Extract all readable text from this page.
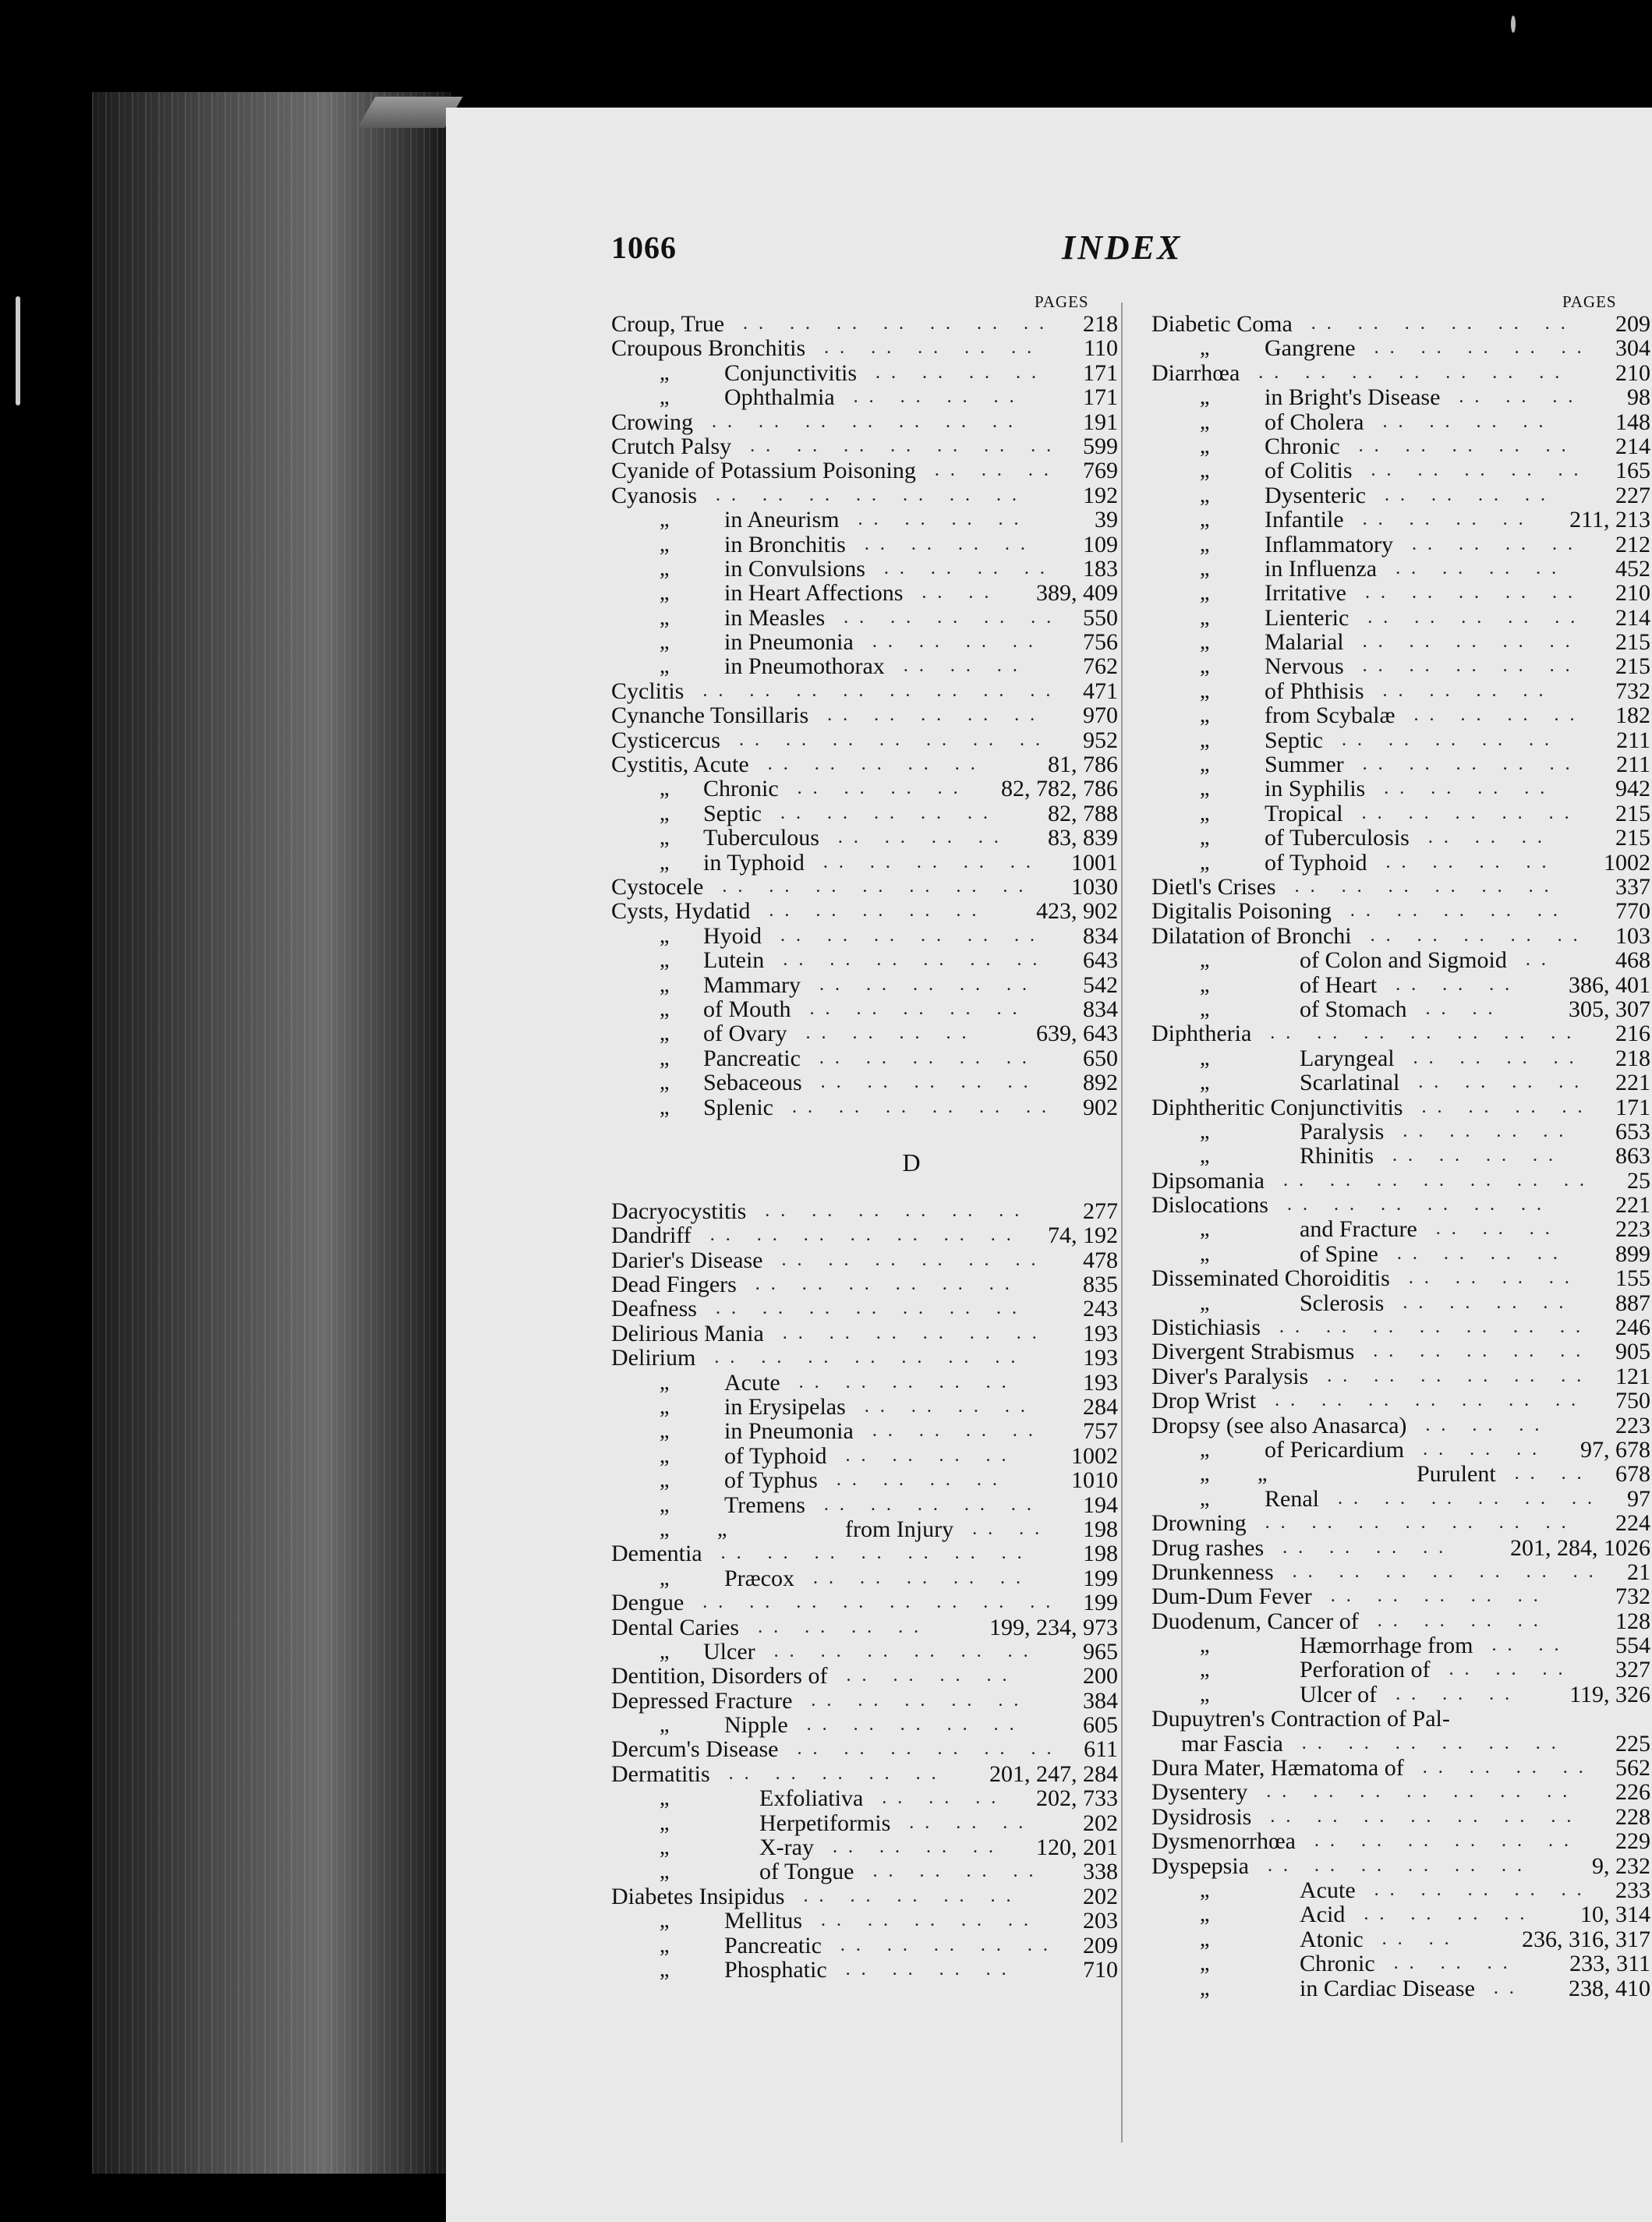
1066	INDEX
PAGES	PAGES
Croup, True	218
.. .. .. .. .. .. ..
Croupous Bronchitis	110
.. .. .. .. ..
„ Conjunctivitis	171
.. .. .. ..
„ Ophthalmia	171
.. .. .. ..
Crowing	191
.. .. .. .. .. .. ..
Crutch Palsy	599
.. .. .. .. .. .. ..
Cyanide of Potassium Poisoning	769
.. .. ..
Cyanosis	192
.. .. .. .. .. .. ..
„ in Aneurism	39
.. .. .. ..
„ in Bronchitis	109
.. .. .. ..
„ in Convulsions	183
.. .. .. ..
„ in Heart Affections	389, 409
.. ..
„ in Measles	550
.. .. .. .. ..
„ in Pneumonia	756
.. .. .. ..
„ in Pneumothorax	762
.. .. ..
Cyclitis	471
.. .. .. .. .. .. .. ..
Cynanche Tonsillaris	970
.. .. .. .. ..
Cysticercus	952
.. .. .. .. .. .. ..
Cystitis, Acute	81, 786
.. .. .. .. ..
„ Chronic	82, 782, 786
.. .. .. ..
„ Septic	82, 788
.. .. .. .. ..
„ Tuberculous	83, 839
.. .. .. ..
„ in Typhoid	1001
.. .. .. .. ..
Cystocele	1030
.. .. .. .. .. .. ..
Cysts, Hydatid	423, 902
.. .. .. .. ..
„ Hyoid	834
.. .. .. .. .. ..
„ Lutein	643
.. .. .. .. .. ..
„ Mammary	542
.. .. .. .. ..
„ of Mouth	834
.. .. .. .. ..
„ of Ovary	639, 643
.. .. .. ..
„ Pancreatic	650
.. .. .. .. ..
„ Sebaceous	892
.. .. .. .. ..
„ Splenic	902
.. .. .. .. .. ..
D
Dacryocystitis	277
.. .. .. .. .. ..
Dandriff	74, 192
.. .. .. .. .. .. ..
Darier's Disease	478
.. .. .. .. .. ..
Dead Fingers	835
.. .. .. .. .. ..
Deafness	243
.. .. .. .. .. .. ..
Delirious Mania	193
.. .. .. .. .. ..
Delirium	193
.. .. .. .. .. .. ..
„ Acute	193
.. .. .. .. ..
„ in Erysipelas	284
.. .. .. ..
„ in Pneumonia	757
.. .. .. ..
„ of Typhoid	1002
.. .. .. ..
„ of Typhus	1010
.. .. .. ..
„ Tremens	194
.. .. .. .. ..
„ „	from Injury	198
.. ..
Dementia	198
.. .. .. .. .. .. ..
„ Præcox	199
.. .. .. .. ..
Dengue	199
.. .. .. .. .. .. .. ..
Dental Caries	199, 234, 973
.. .. .. ..
„ Ulcer	965
.. .. .. .. .. ..
Dentition, Disorders of	200
.. .. .. ..
Depressed Fracture	384
.. .. .. .. ..
„ Nipple	605
.. .. .. .. ..
Dercum's Disease	611
.. .. .. .. .. ..
Dermatitis	201, 247, 284
.. .. .. .. ..
„	Exfoliativa	202, 733
.. .. ..
„	Herpetiformis	202
.. .. ..
„	X-ray	120, 201
.. .. .. ..
„	of Tongue	338
.. .. .. ..
Diabetes Insipidus	202
.. .. .. .. ..
„ Mellitus	203
.. .. .. .. ..
„ Pancreatic	209
.. .. .. .. ..
„ Phosphatic	710
.. .. .. ..
Diabetic Coma	209
.. .. .. .. .. ..
„ Gangrene	304
.. .. .. .. ..
Diarrhœa	210
.. .. .. .. .. .. ..
„ in Bright's Disease	98
.. .. ..
„ of Cholera	148
.. .. .. ..
„ Chronic	214
.. .. .. .. ..
„ of Colitis	165
.. .. .. .. ..
„ Dysenteric	227
.. .. .. ..
„ Infantile	211, 213
.. .. .. ..
„ Inflammatory	212
.. .. .. ..
„ in Influenza	452
.. .. .. ..
„ Irritative	210
.. .. .. .. ..
„ Lienteric	214
.. .. .. .. ..
„ Malarial	215
.. .. .. .. ..
„ Nervous	215
.. .. .. .. ..
„ of Phthisis	732
.. .. .. ..
„ from Scybalæ	182
.. .. .. ..
„ Septic	211
.. .. .. .. ..
„ Summer	211
.. .. .. .. ..
„ in Syphilis	942
.. .. .. ..
„ Tropical	215
.. .. .. .. ..
„ of Tuberculosis	215
.. .. ..
„ of Typhoid	1002
.. .. .. ..
Dietl's Crises	337
.. .. .. .. .. ..
Digitalis Poisoning	770
.. .. .. .. ..
Dilatation of Bronchi	103
.. .. .. .. ..
„	of Colon and Sigmoid	468
..
„	of Heart	386, 401
.. .. ..
„	of Stomach	305, 307
.. ..
Diphtheria	216
.. .. .. .. .. .. ..
„	Laryngeal	218
.. .. .. ..
„	Scarlatinal	221
.. .. .. ..
Diphtheritic Conjunctivitis	171
.. .. .. ..
„	Paralysis	653
.. .. .. ..
„	Rhinitis	863
.. .. .. ..
Dipsomania	25
.. .. .. .. .. .. ..
Dislocations	221
.. .. .. .. .. ..
„	and Fracture	223
.. .. ..
„	of Spine	899
.. .. .. ..
Disseminated Choroiditis	155
.. .. .. ..
„	Sclerosis	887
.. .. .. ..
Distichiasis	246
.. .. .. .. .. .. ..
Divergent Strabismus	905
.. .. .. .. ..
Diver's Paralysis	121
.. .. .. .. .. ..
Drop Wrist	750
.. .. .. .. .. .. ..
Dropsy (see also Anasarca)	223
.. .. ..
„ of Pericardium	97, 678
.. .. ..
„ „	Purulent	678
.. ..
„ Renal	97
.. .. .. .. .. ..
Drowning	224
.. .. .. .. .. .. ..
Drug rashes	201, 284, 1026
.. .. .. ..
Drunkenness	21
.. .. .. .. .. .. ..
Dum-Dum Fever	732
.. .. .. .. ..
Duodenum, Cancer of	128
.. .. .. ..
„	Hæmorrhage from	554
.. ..
„	Perforation of	327
.. .. ..
„	Ulcer of	119, 326
.. .. ..
Dupuytren's Contraction of Pal-
mar Fascia	225
.. .. .. .. .. ..
Dura Mater, Hæmatoma of	562
.. .. .. ..
Dysentery	226
.. .. .. .. .. .. ..
Dysidrosis	228
.. .. .. .. .. .. ..
Dysmenorrhœa	229
.. .. .. .. .. ..
Dyspepsia	9, 232
.. .. .. .. .. ..
„	Acute	233
.. .. .. .. ..
„	Acid	10, 314
.. .. .. ..
„	Atonic	236, 316, 317
.. ..
„	Chronic	233, 311
.. .. ..
„	in Cardiac Disease	238, 410
..
